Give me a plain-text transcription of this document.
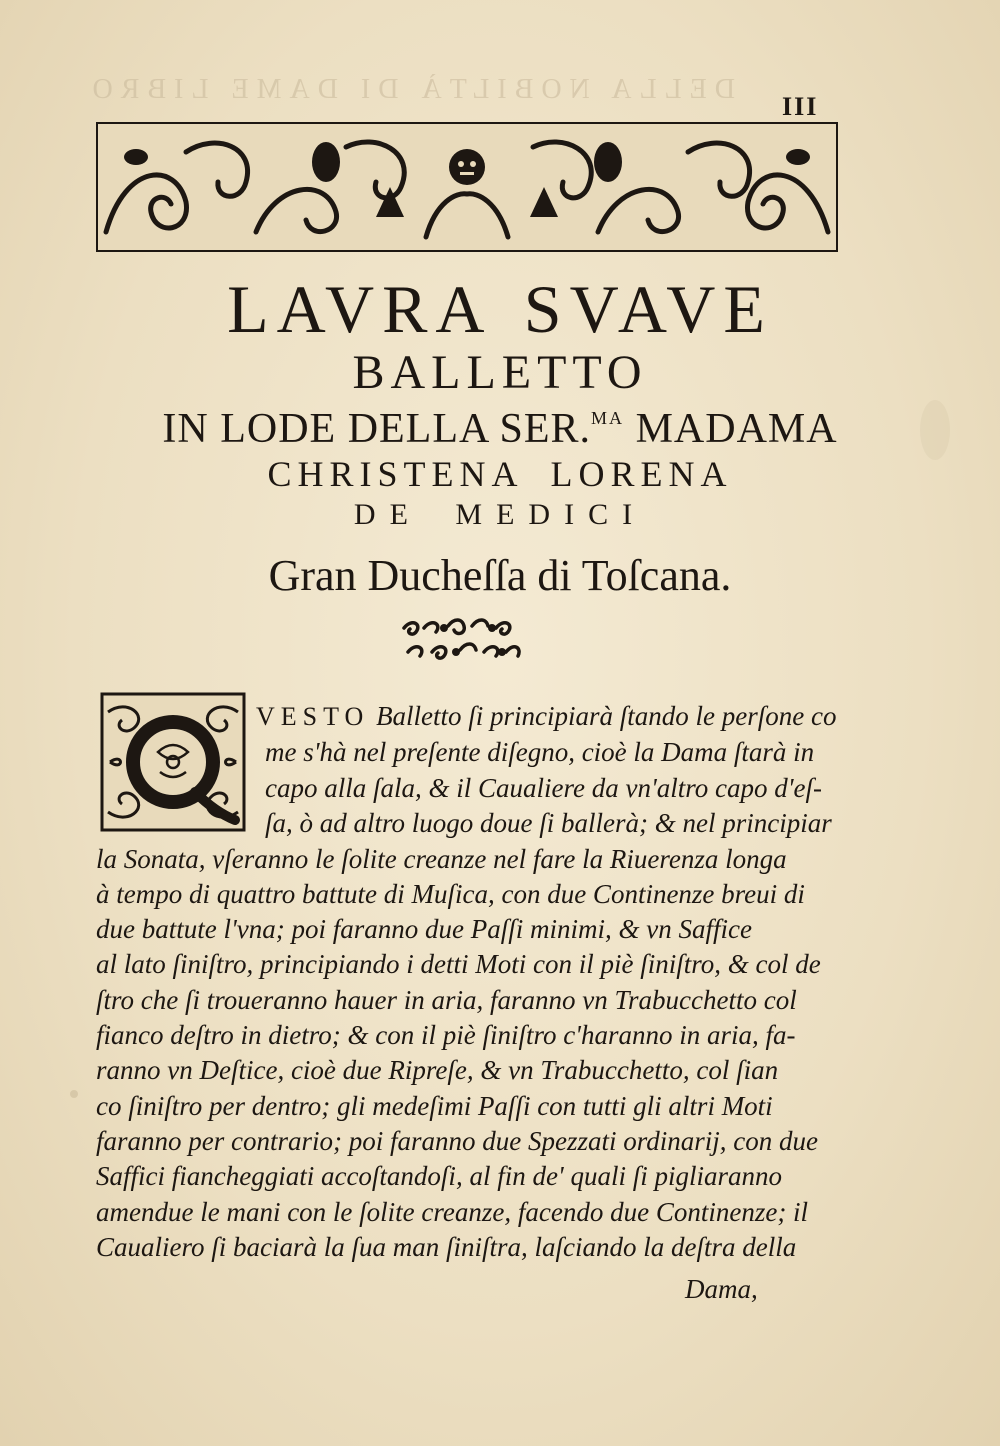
DELLA NOBILTÀ DI DAME LIBRO
III
LAVRA SVAVE
BALLETTO
IN LODE DELLA SER.$^{MA}$ MADAMA
CHRISTENA LORENA
DE MEDICI
Gran Ducheſſa di Toſcana.
VESTO Balletto ſi principiarà ſtando le perſone co
me s'hà nel preſente diſegno, cioè la Dama ſtarà in
capo alla ſala, & il Caualiere da vn'altro capo d'eſ-
ſa, ò ad altro luogo doue ſi ballerà; & nel principiar
la Sonata, vſeranno le ſolite creanze nel fare la Riuerenza longa
à tempo di quattro battute di Muſica, con due Continenze breui di
due battute l'vna; poi faranno due Paſſi minimi, & vn Saffice
al lato ſiniſtro, principiando i detti Moti con il piè ſiniſtro, & col de
ſtro che ſi troueranno hauer in aria, faranno vn Trabucchetto col
fianco deſtro in dietro; & con il piè ſiniſtro c'haranno in aria, fa-
ranno vn Deſtice, cioè due Ripreſe, & vn Trabucchetto, col ſian
co ſiniſtro per dentro; gli medeſimi Paſſi con tutti gli altri Moti
faranno per contrario; poi faranno due Spezzati ordinarij, con due
Saffici fiancheggiati accoſtandoſi, al fin de' quali ſi pigliaranno
amendue le mani con le ſolite creanze, facendo due Continenze; il
Caualiero ſi baciarà la ſua man ſiniſtra, laſciando la deſtra della
Dama,
